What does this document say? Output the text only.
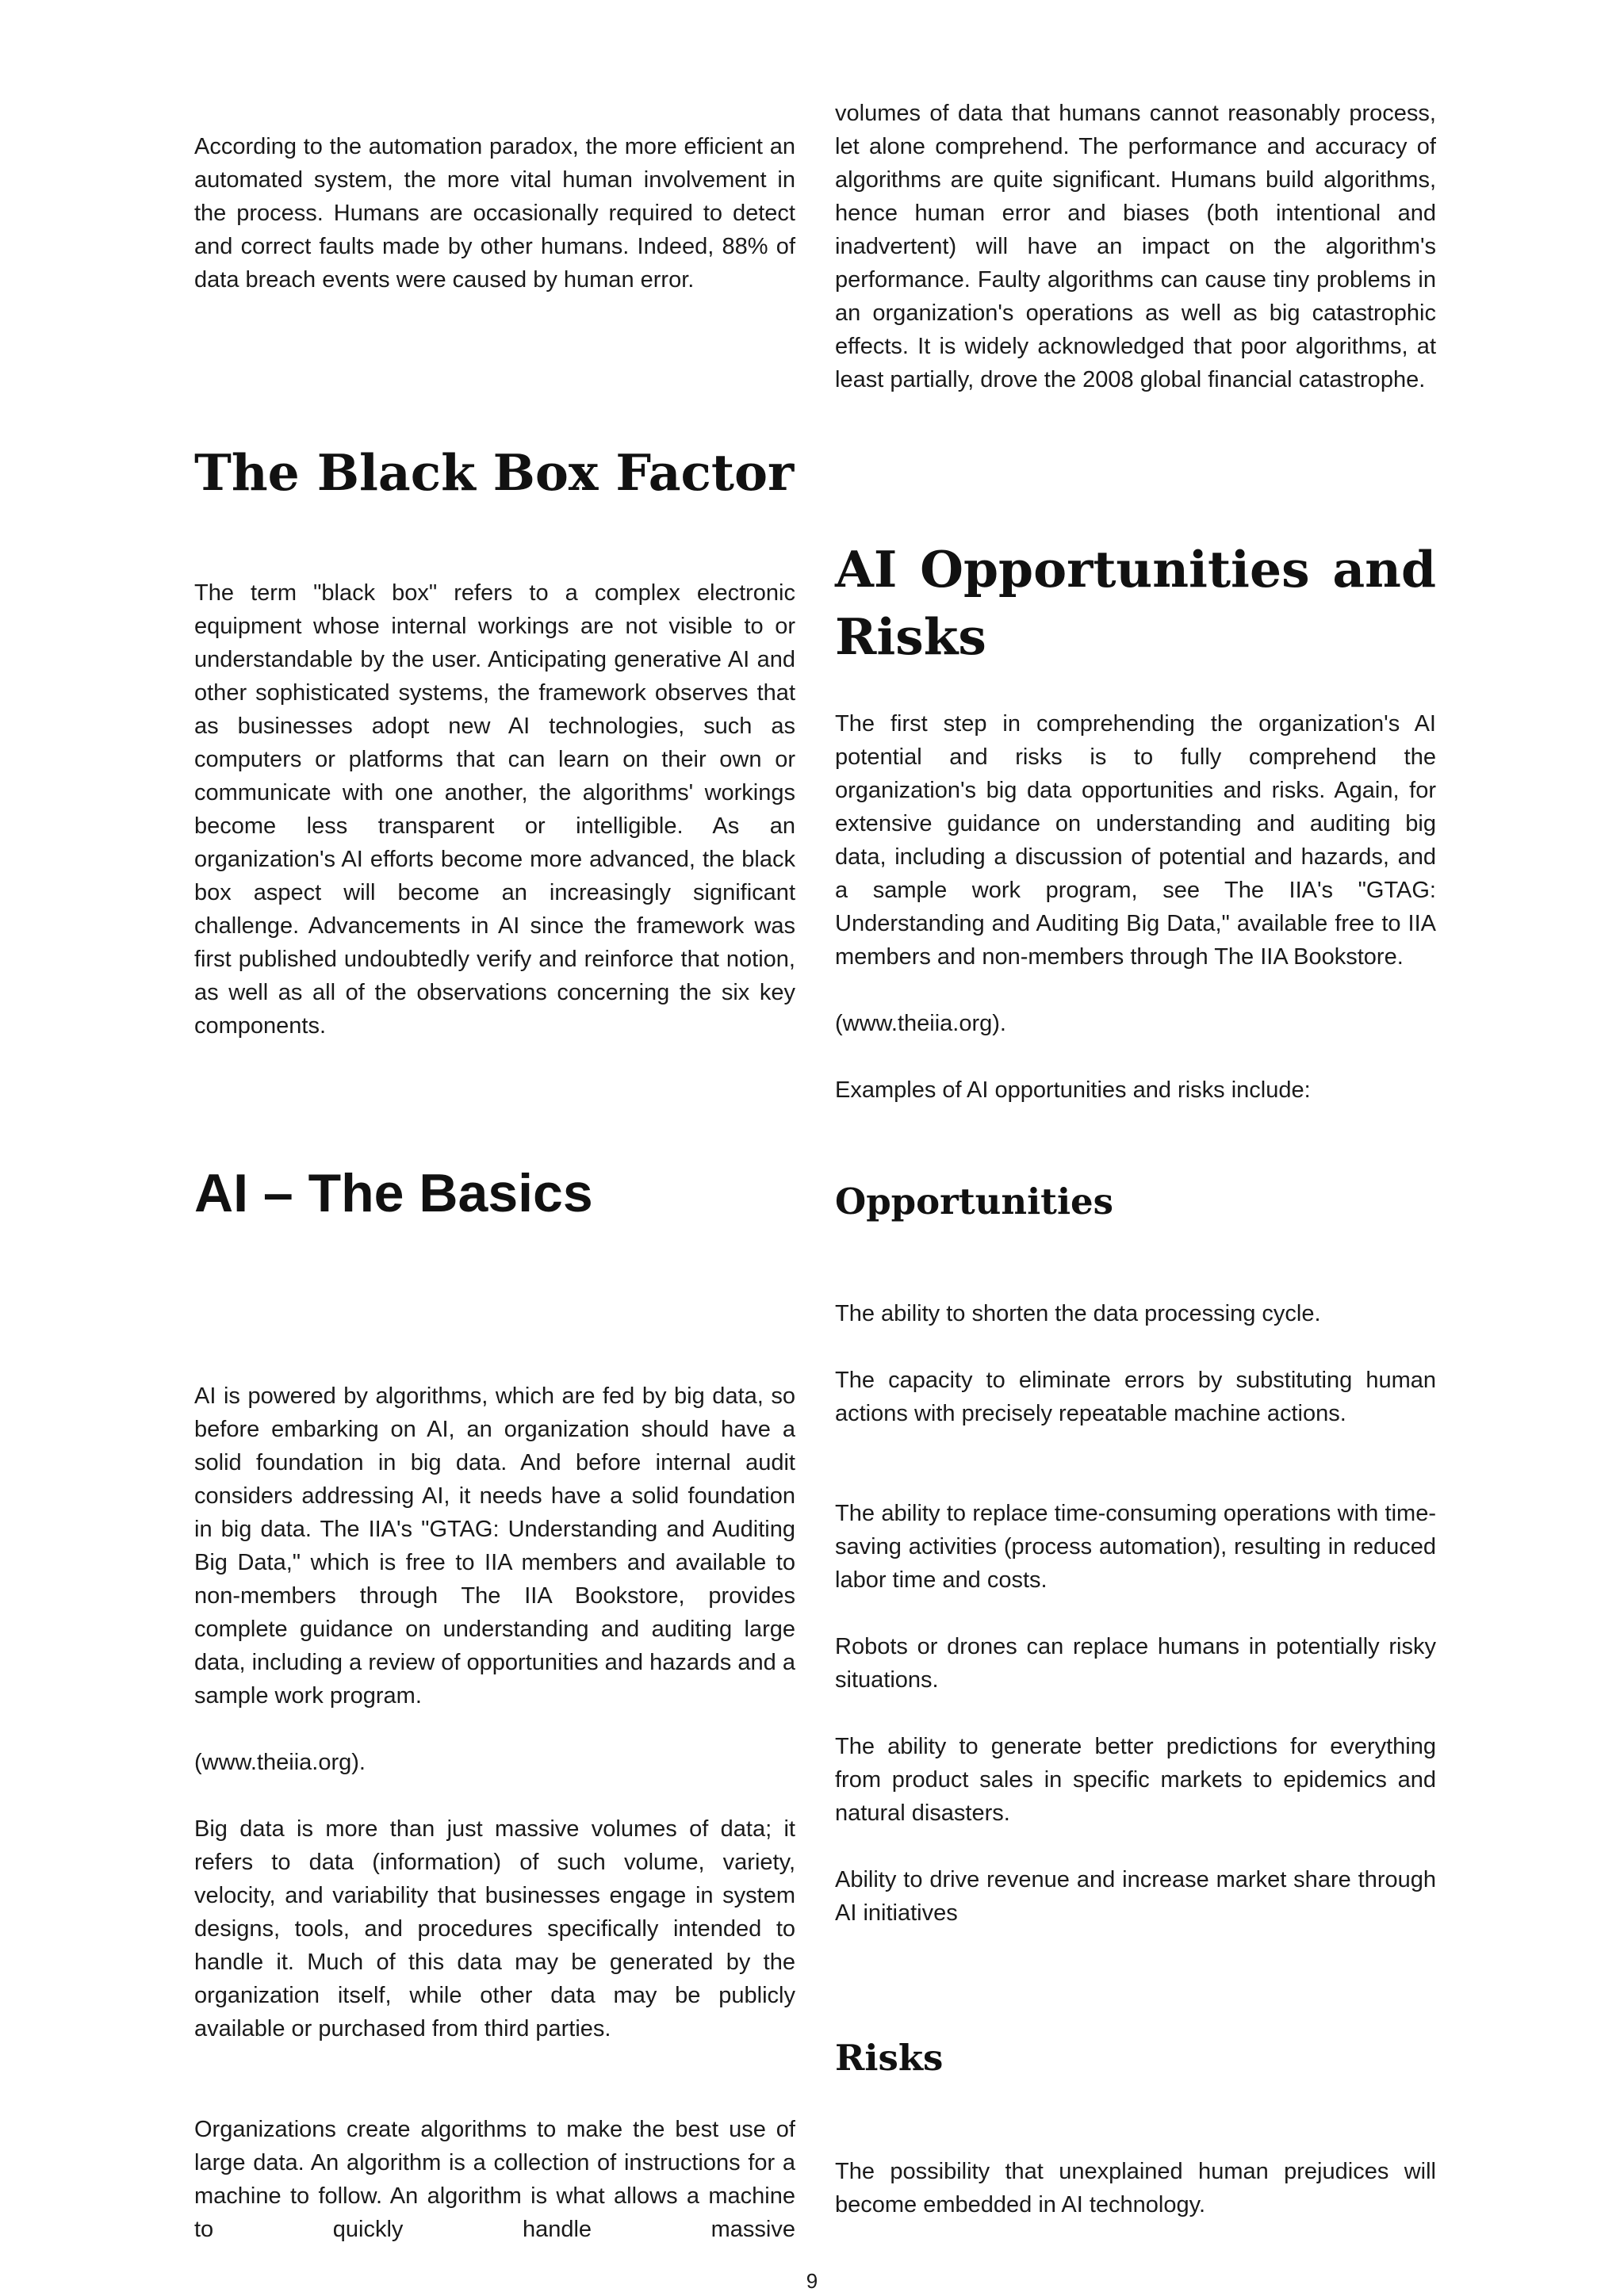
According to the automation paradox, the more efficient an automated system, the more vital human involvement in the process. Humans are occasionally required to detect and correct faults made by other humans. Indeed, 88% of data breach events were caused by human error.

The Black Box Factor

The term "black box" refers to a complex electronic equipment whose internal workings are not visible to or understandable by the user. Anticipating generative AI and other sophisticated systems, the framework observes that as businesses adopt new AI technologies, such as computers or platforms that can learn on their own or communicate with one another, the algorithms' workings become less transparent or intelligible. As an organization's AI efforts become more advanced, the black box aspect will become an increasingly significant challenge. Advancements in AI since the framework was first published undoubtedly verify and reinforce that notion, as well as all of the observations concerning the six key components.

AI – The Basics

AI is powered by algorithms, which are fed by big data, so before embarking on AI, an organization should have a solid foundation in big data. And before internal audit considers addressing AI, it needs have a solid foundation in big data. The IIA's "GTAG: Understanding and Auditing Big Data," which is free to IIA members and available to non-members through The IIA Bookstore, provides complete guidance on understanding and auditing large data, including a review of opportunities and hazards and a sample work program.

(www.theiia.org).

Big data is more than just massive volumes of data; it refers to data (information) of such volume, variety, velocity, and variability that businesses engage in system designs, tools, and procedures specifically intended to handle it. Much of this data may be generated by the organization itself, while other data may be publicly available or purchased from third parties.

Organizations create algorithms to make the best use of large data. An algorithm is a collection of instructions for a machine to follow. An algorithm is what allows a machine to quickly handle massive

volumes of data that humans cannot reasonably process, let alone comprehend. The performance and accuracy of algorithms are quite significant. Humans build algorithms, hence human error and biases (both intentional and inadvertent) will have an impact on the algorithm's performance. Faulty algorithms can cause tiny problems in an organization's operations as well as big catastrophic effects. It is widely acknowledged that poor algorithms, at least partially, drove the 2008 global financial catastrophe.

AI Opportunities and
Risks

The first step in comprehending the organization's AI potential and risks is to fully comprehend the organization's big data opportunities and risks. Again, for extensive guidance on understanding and auditing big data, including a discussion of potential and hazards, and a sample work program, see The IIA's "GTAG: Understanding and Auditing Big Data," available free to IIA members and non-members through The IIA Bookstore.

(www.theiia.org).

Examples of AI opportunities and risks include:

Opportunities

The ability to shorten the data processing cycle.

The capacity to eliminate errors by substituting human actions with precisely repeatable machine actions.

The ability to replace time-consuming operations with time-saving activities (process automation), resulting in reduced labor time and costs.

Robots or drones can replace humans in potentially risky situations.

The ability to generate better predictions for everything from product sales in specific markets to epidemics and natural disasters.

Ability to drive revenue and increase market share through AI initiatives

Risks

The possibility that unexplained human prejudices will become embedded in AI technology.

9
